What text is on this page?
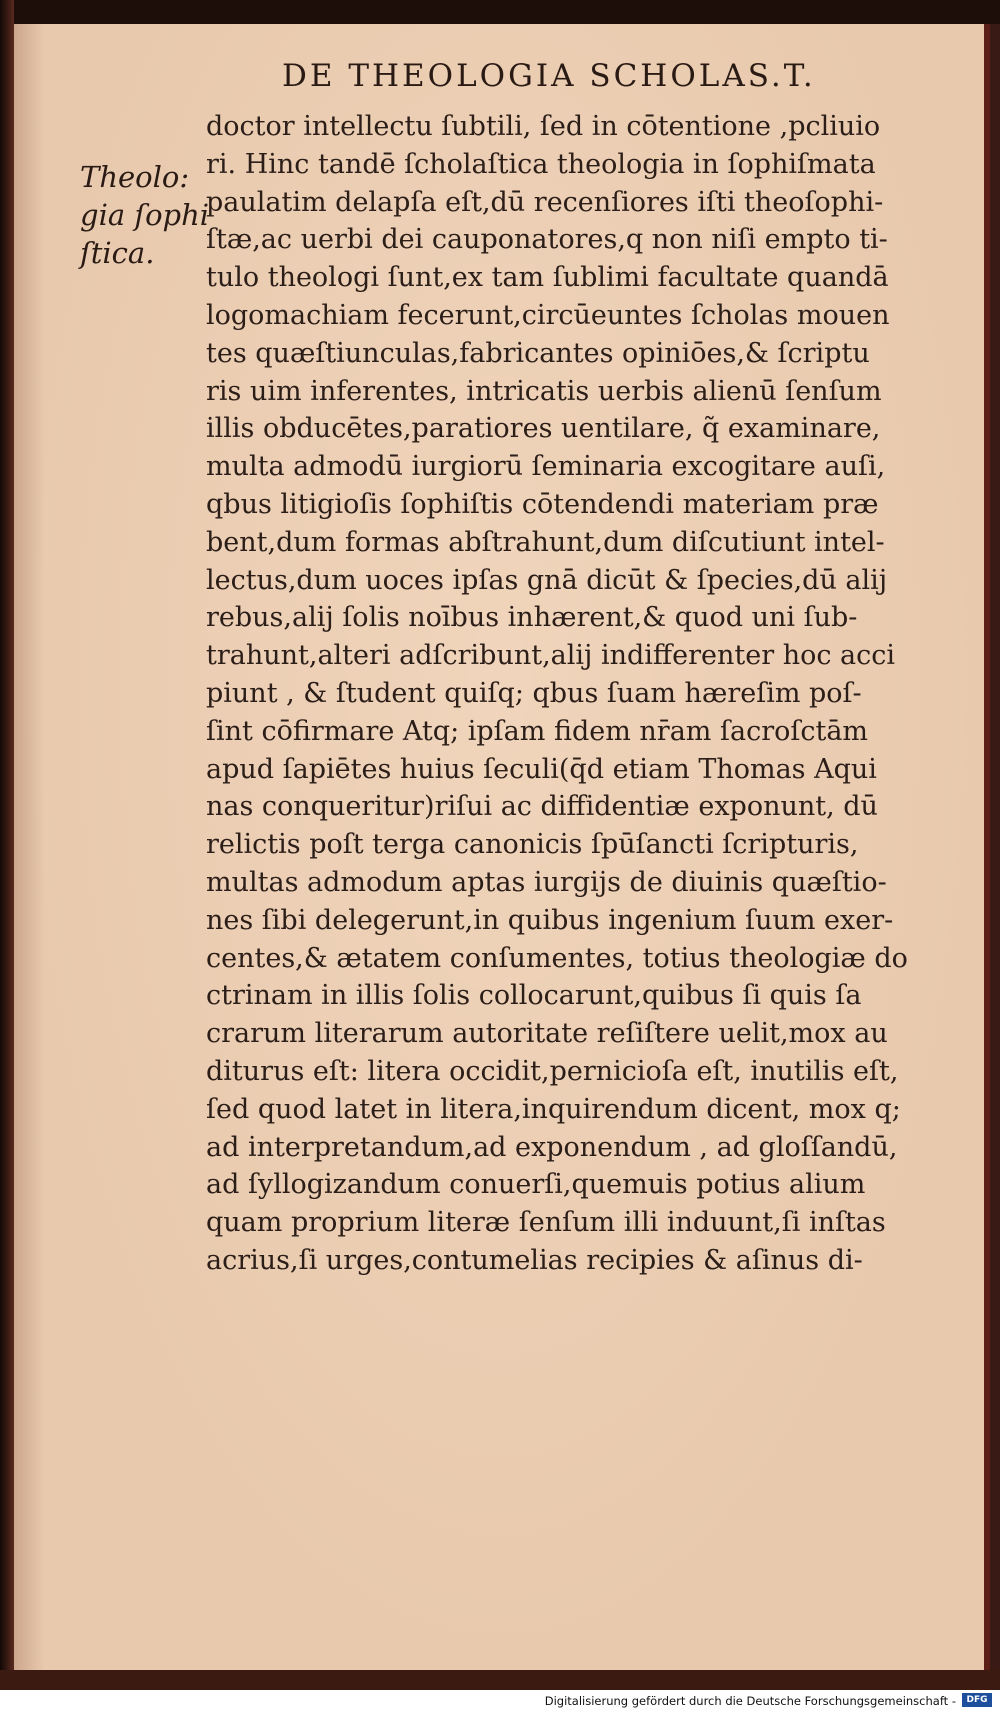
DE THEOLOGIA SCHOLAS.T.
Theolo:
gia ſophi
ſtica.
doctor intellectu ſubtili, ſed in cōtentione ,pcliuio
ri. Hinc tandē ſcholaſtica theologia in ſophiſmata
paulatim delapſa eſt,dū recenſiores iſti theoſophi-
ſtæ,ac uerbi dei cauponatores,q non niſi empto ti-
tulo theologi ſunt,ex tam ſublimi facultate quandā
logomachiam fecerunt,circūeuntes ſcholas mouen
tes quæſtiunculas,fabricantes opiniōes,& ſcriptu
ris uim inferentes, intricatis uerbis alienū ſenſum
illis obducētes,paratiores uentilare, q̃ examinare,
multa admodū iurgiorū ſeminaria excogitare auſi,
qbus litigioſis ſophiſtis cōtendendi materiam præ
bent,dum formas abſtrahunt,dum diſcutiunt intel-
lectus,dum uoces ipſas gnā dicūt & ſpecies,dū alij
rebus,alij ſolis noībus inhærent,& quod uni ſub-
trahunt,alteri adſcribunt,alij indifferenter hoc acci
piunt , & ſtudent quiſq; qbus ſuam hæreſim poſ-
ſint cōfirmare Atq; ipſam fidem nr̄am ſacroſctām
apud ſapiētes huius ſeculi(q̄d etiam Thomas Aqui
nas conqueritur)riſui ac diffidentiæ exponunt, dū
relictis poſt terga canonicis ſpūſancti ſcripturis,
multas admodum aptas iurgijs de diuinis quæſtio-
nes ſibi delegerunt,in quibus ingenium ſuum exer-
centes,& ætatem conſumentes, totius theologiæ do
ctrinam in illis ſolis collocarunt,quibus ſi quis ſa
crarum literarum autoritate reſiſtere uelit,mox au
diturus eſt: litera occidit,pernicioſa eſt, inutilis eſt,
ſed quod latet in litera,inquirendum dicent, mox q;
ad interpretandum,ad exponendum , ad gloſſandū,
ad ſyllogizandum conuerſi,quemuis potius alium
quam proprium literæ ſenſum illi induunt,ſi inſtas
acrius,ſi urges,contumelias recipies & aſinus di-
Digitalisierung gefördert durch die Deutsche Forschungsgemeinschaft -	DFG
